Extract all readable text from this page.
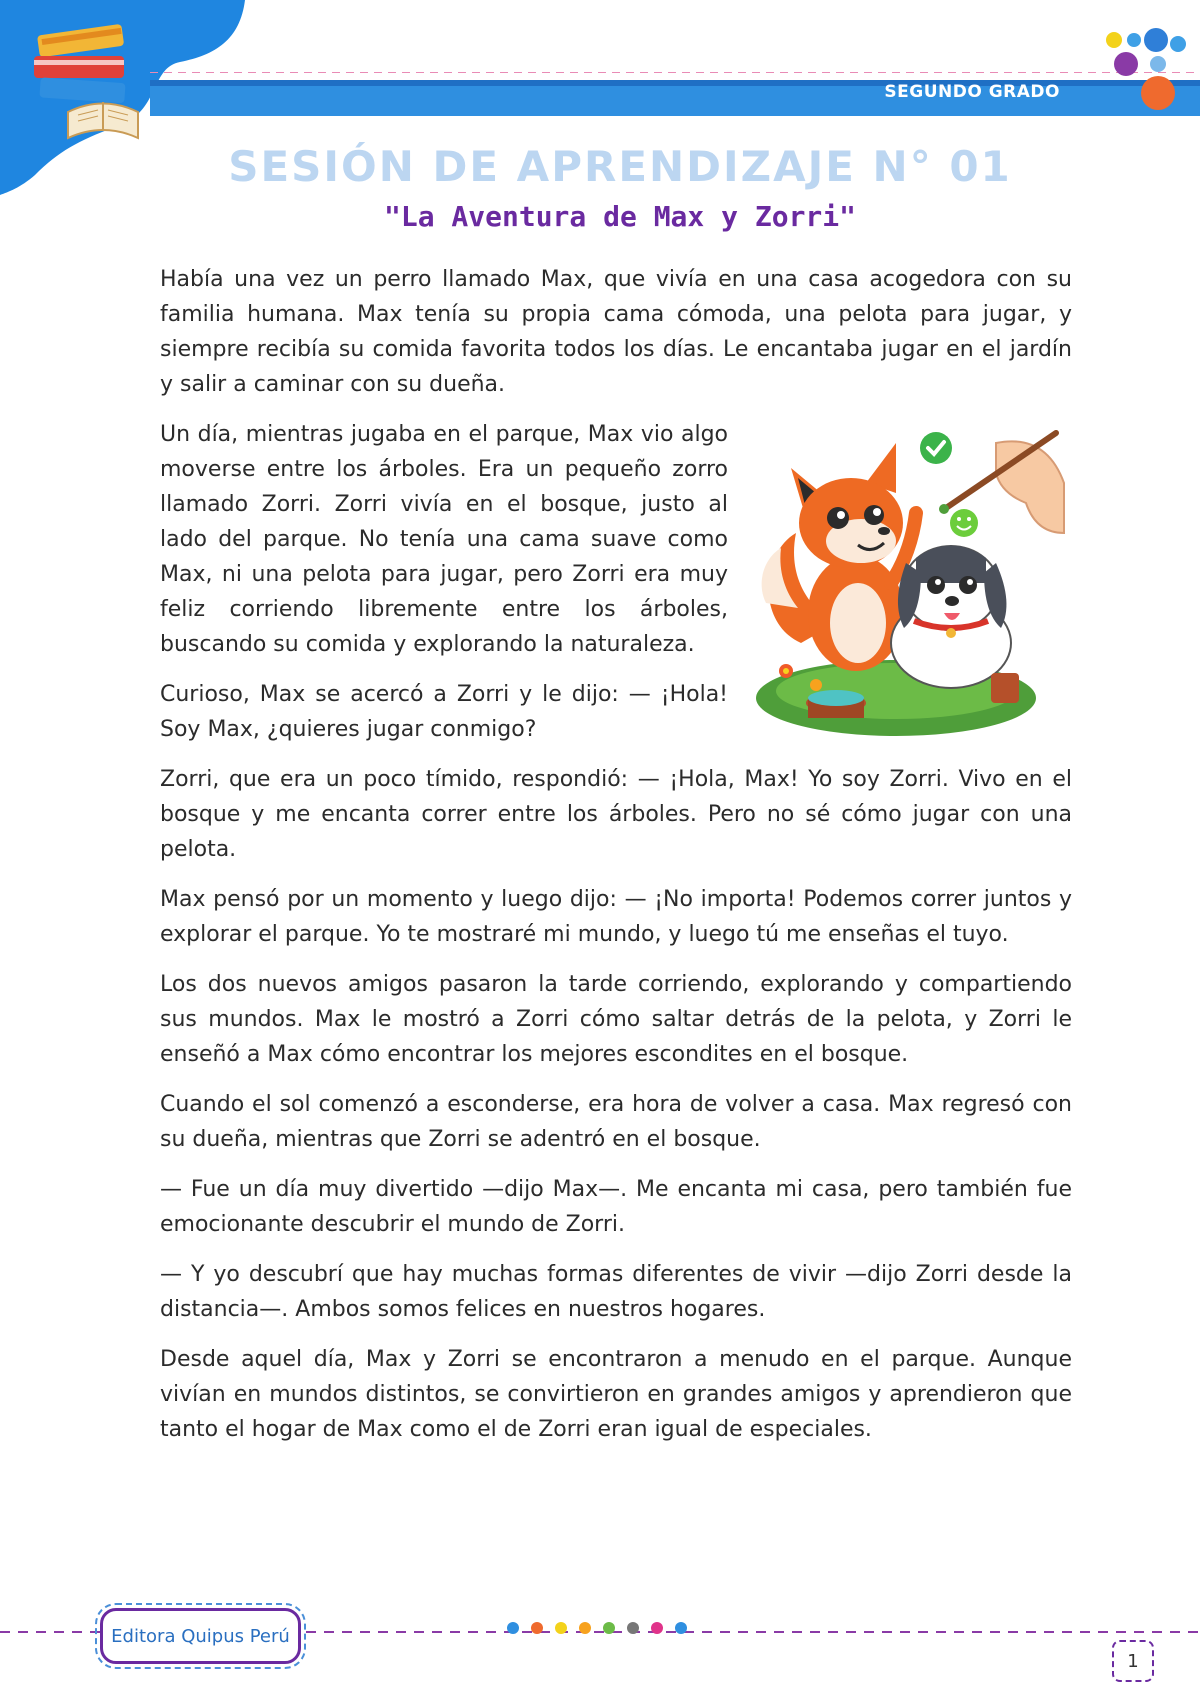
SEGUNDO GRADO
SESIÓN DE APRENDIZAJE N° 01
"La Aventura de Max y Zorri"

Había una vez un perro llamado Max, que vivía en una casa acogedora con su familia humana. Max tenía su propia cama cómoda, una pelota para jugar, y siempre recibía su comida favorita todos los días. Le encantaba jugar en el jardín y salir a caminar con su dueña.

Un día, mientras jugaba en el parque, Max vio algo moverse entre los árboles. Era un pequeño zorro llamado Zorri. Zorri vivía en el bosque, justo al lado del parque. No tenía una cama suave como Max, ni una pelota para jugar, pero Zorri era muy feliz corriendo libremente entre los árboles, buscando su comida y explorando la naturaleza.

Curioso, Max se acercó a Zorri y le dijo: — ¡Hola! Soy Max, ¿quieres jugar conmigo?

Zorri, que era un poco tímido, respondió: — ¡Hola, Max! Yo soy Zorri. Vivo en el bosque y me encanta correr entre los árboles. Pero no sé cómo jugar con una pelota.

Max pensó por un momento y luego dijo: — ¡No importa! Podemos correr juntos y explorar el parque. Yo te mostraré mi mundo, y luego tú me enseñas el tuyo.

Los dos nuevos amigos pasaron la tarde corriendo, explorando y compartiendo sus mundos. Max le mostró a Zorri cómo saltar detrás de la pelota, y Zorri le enseñó a Max cómo encontrar los mejores escondites en el bosque.

Cuando el sol comenzó a esconderse, era hora de volver a casa. Max regresó con su dueña, mientras que Zorri se adentró en el bosque.

— Fue un día muy divertido —dijo Max—. Me encanta mi casa, pero también fue emocionante descubrir el mundo de Zorri.

— Y yo descubrí que hay muchas formas diferentes de vivir —dijo Zorri desde la distancia—. Ambos somos felices en nuestros hogares.

Desde aquel día, Max y Zorri se encontraron a menudo en el parque. Aunque vivían en mundos distintos, se convirtieron en grandes amigos y aprendieron que tanto el hogar de Max como el de Zorri eran igual de especiales.

Editora Quipus Perú
1
